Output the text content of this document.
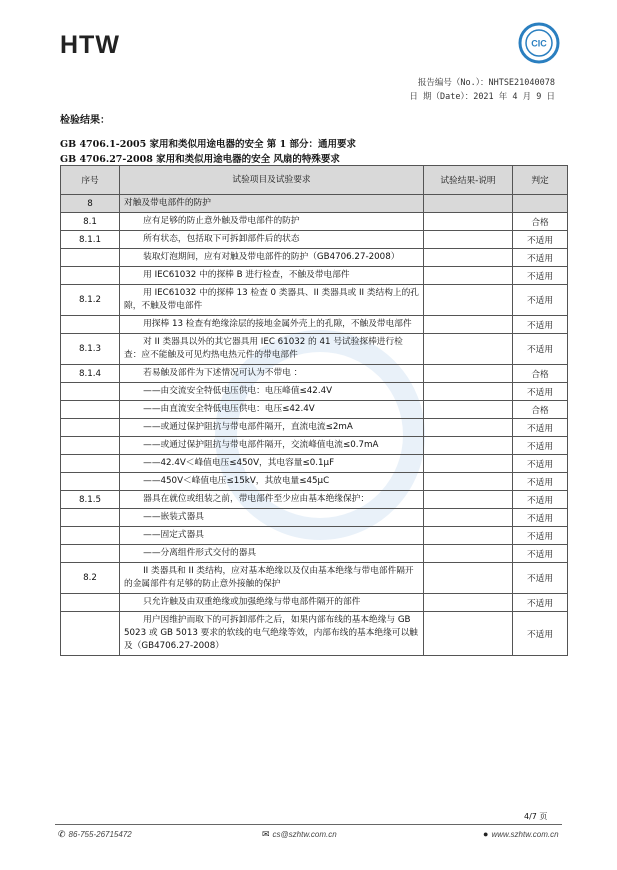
HTW	CIC
报告编号（No.）：NHTSE21040078
日 期（Date）：2021 年 4 月 9 日
检验结果：
GB 4706.1-2005 家用和类似用途电器的安全 第 1 部分：通用要求
GB 4706.27-2008 家用和类似用途电器的安全 风扇的特殊要求
序号	试验项目及试验要求	试验结果-说明	判定
8	对触及带电部件的防护		
8.1	应有足够的防止意外触及带电部件的防护		合格
8.1.1	所有状态，包括取下可拆卸部件后的状态		不适用
	装取灯泡期间，应有对触及带电部件的防护（GB4706.27-2008）		不适用
	用 IEC61032 中的探棒 B 进行检查，不触及带电部件		不适用
8.1.2	用 IEC61032 中的探棒 13 检查 0 类器具、II 类器具或 II 类结构上的孔隙，不触及带电部件		不适用
	用探棒 13 检查有绝缘涂层的接地金属外壳上的孔隙，不触及带电部件		不适用
8.1.3	对 II 类器具以外的其它器具用 IEC 61032 的 41 号试验探棒进行检查：应不能触及可见灼热电热元件的带电部件		不适用
8.1.4	若易触及部件为下述情况可认为不带电 ：		合格
	——由交流安全特低电压供电：电压峰值≤42.4V		不适用
	——由直流安全特低电压供电：电压≤42.4V		合格
	——或通过保护阻抗与带电部件隔开，直流电流≤2mA		不适用
	——或通过保护阻抗与带电部件隔开，交流峰值电流≤0.7mA		不适用
	——42.4V＜峰值电压≤450V，其电容量≤0.1μF		不适用
	——450V＜峰值电压≤15kV，其放电量≤45μC		不适用
8.1.5	器具在就位或组装之前，带电部件至少应由基本绝缘保护：		不适用
	——嵌装式器具		不适用
	——固定式器具		不适用
	——分离组件形式交付的器具		不适用
8.2	II 类器具和 II 类结构，应对基本绝缘以及仅由基本绝缘与带电部件隔开的金属部件有足够的防止意外接触的保护		不适用
	只允许触及由双重绝缘或加强绝缘与带电部件隔开的部件		不适用
	用户因维护而取下的可拆卸部件之后，如果内部布线的基本绝缘与 GB 5023 或 GB 5013 要求的软线的电气绝缘等效，内部布线的基本绝缘可以触及（GB4706.27-2008）		不适用
4/7 页
✆ 86-755-26715472	✉ cs@szhtw.com.cn	● www.szhtw.com.cn
